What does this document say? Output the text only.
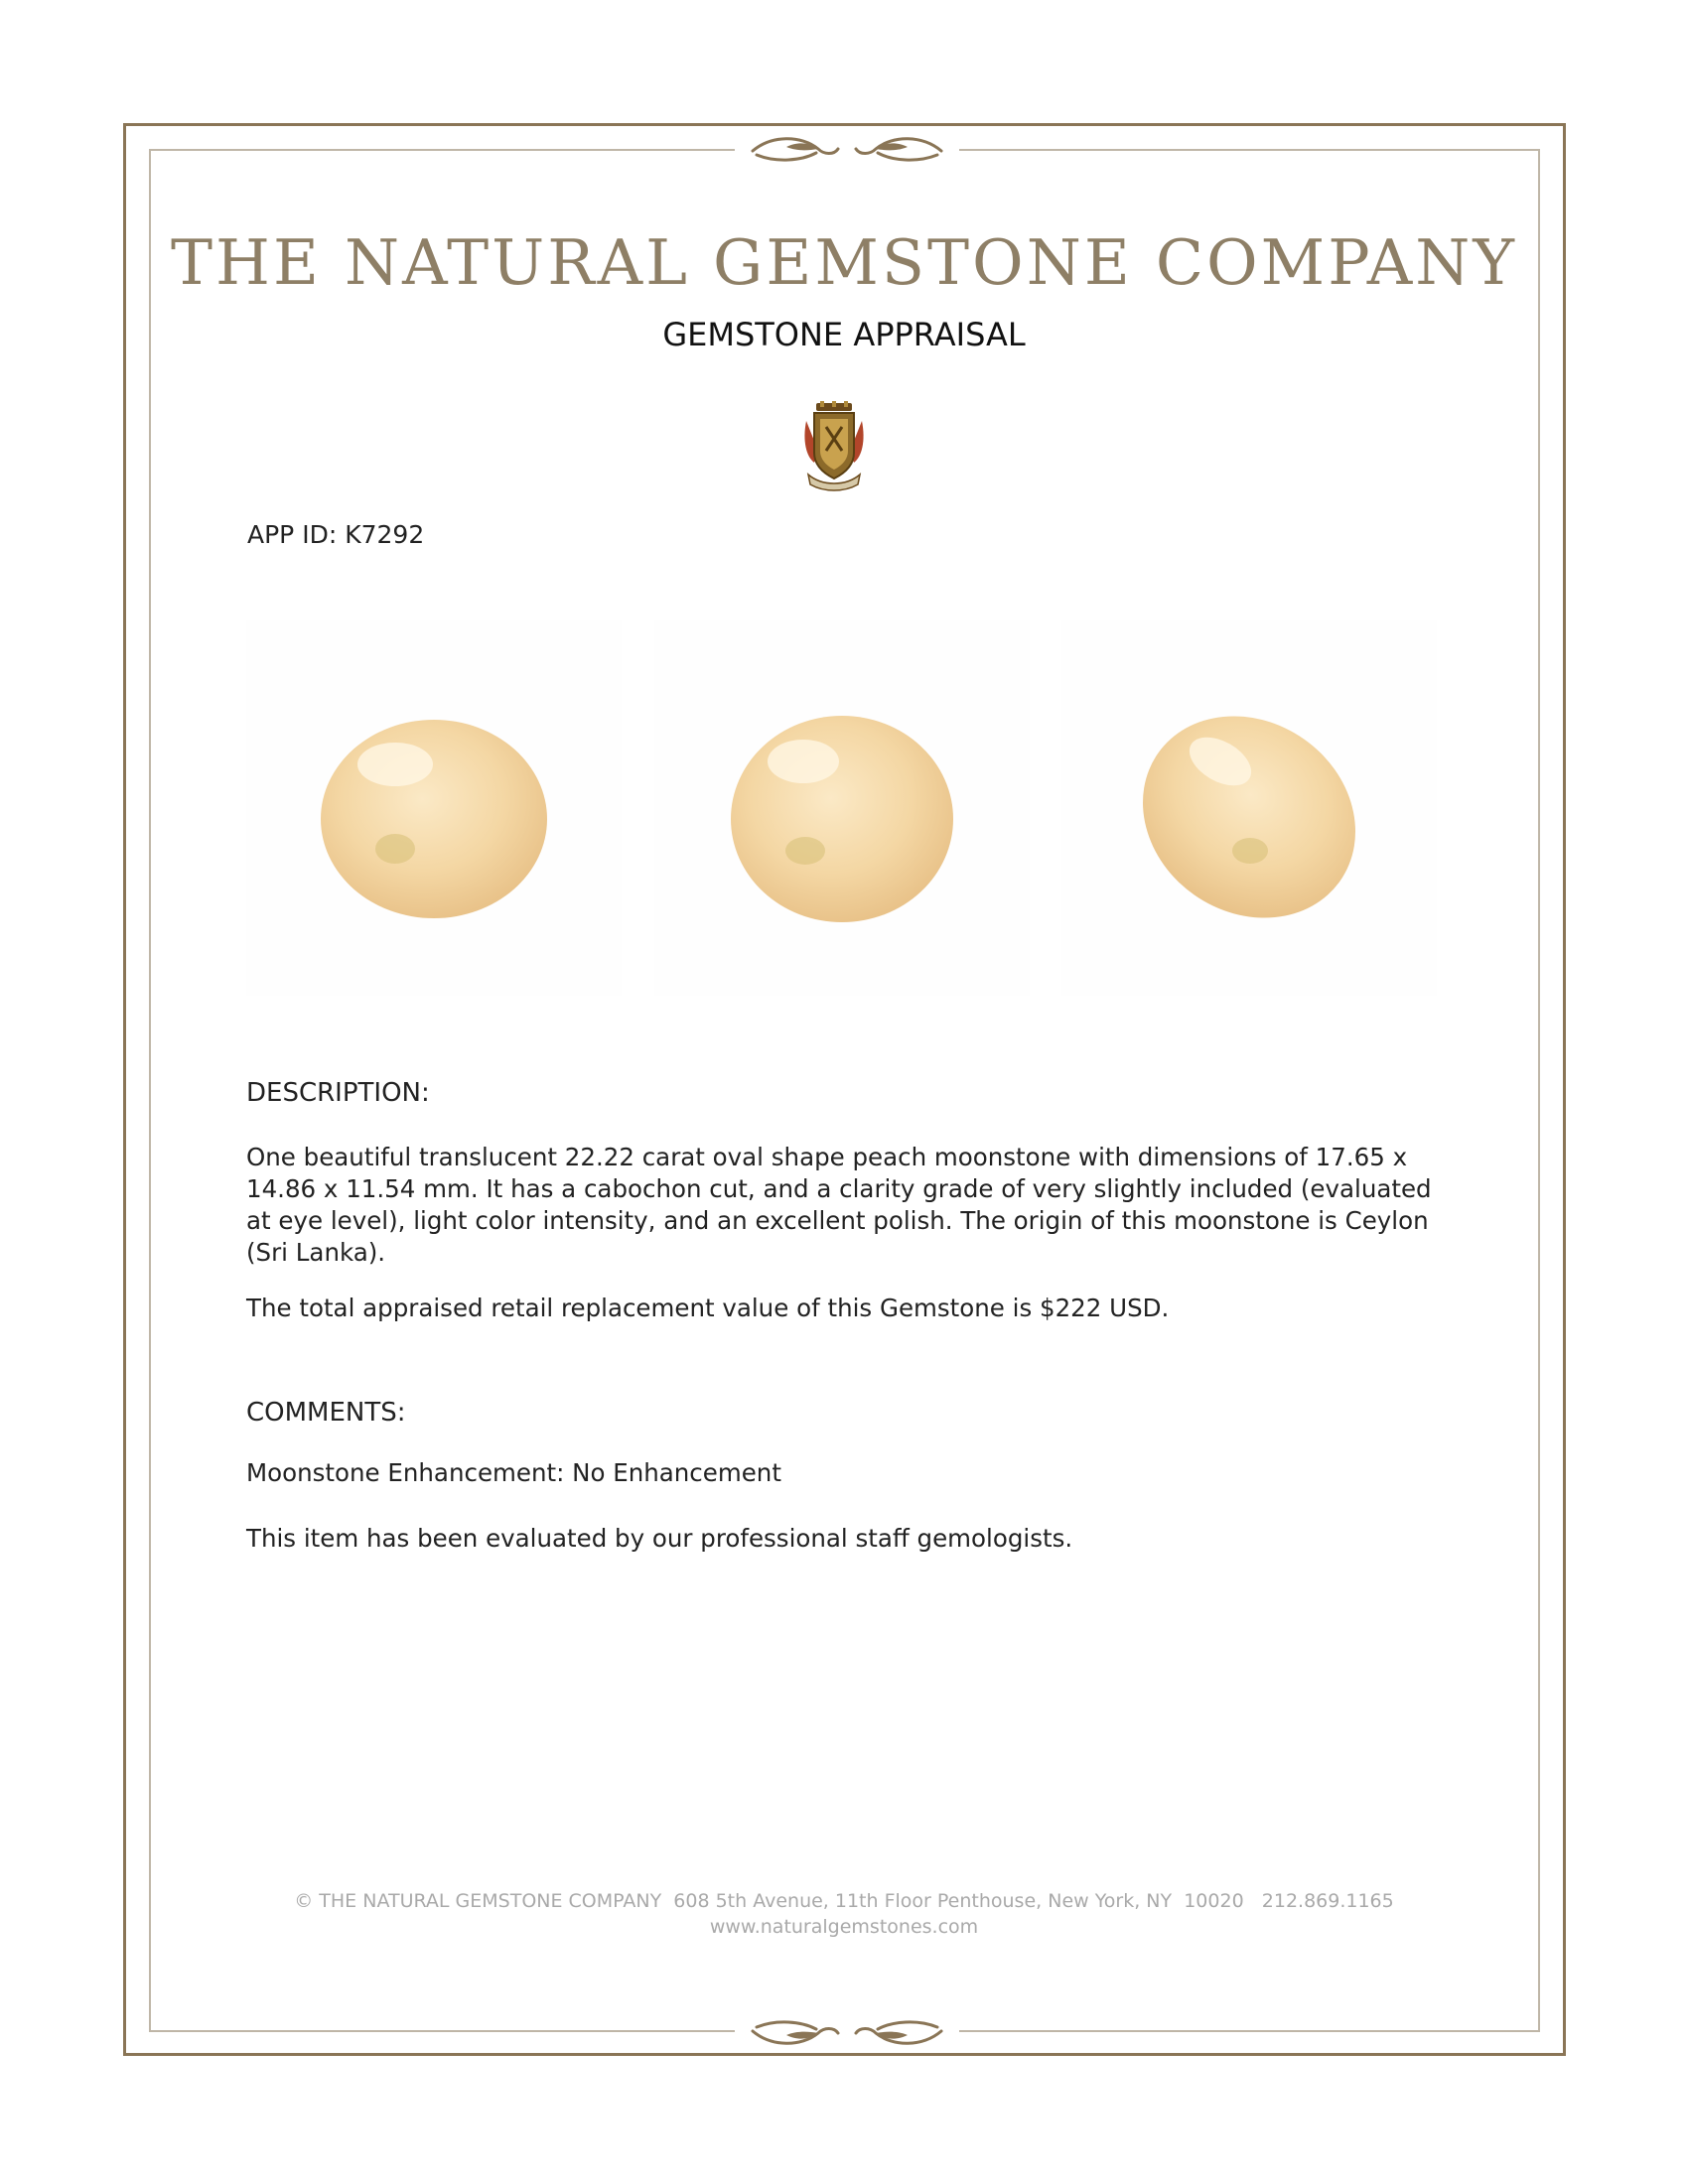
THE NATURAL GEMSTONE COMPANY
GEMSTONE APPRAISAL
APP ID: K7292
DESCRIPTION:
One beautiful translucent 22.22 carat oval shape peach moonstone with dimensions of 17.65 x 14.86 x 11.54 mm. It has a cabochon cut, and a clarity grade of very slightly included (evaluated at eye level), light color intensity, and an excellent polish. The origin of this moonstone is Ceylon (Sri Lanka).
The total appraised retail replacement value of this Gemstone is $222 USD.
COMMENTS:
Moonstone Enhancement: No Enhancement
This item has been evaluated by our professional staff gemologists.
© THE NATURAL GEMSTONE COMPANY  608 5th Avenue, 11th Floor Penthouse, New York, NY  10020   212.869.1165
www.naturalgemstones.com
